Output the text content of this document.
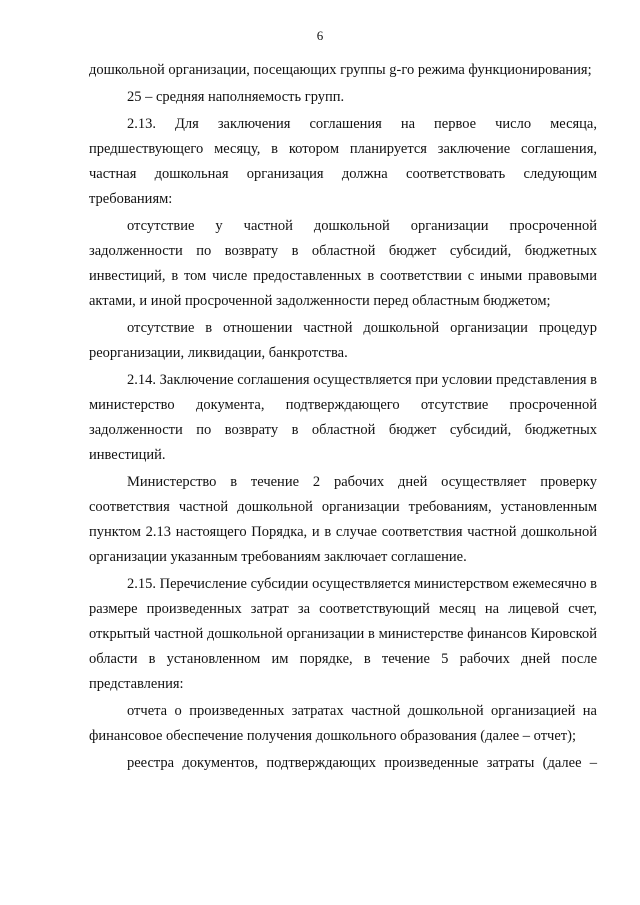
6

дошкольной организации, посещающих группы g-го режима функционирования;

25 – средняя наполняемость групп.

2.13. Для заключения соглашения на первое число месяца, предшествующего месяцу, в котором планируется заключение соглашения, частная дошкольная организация должна соответствовать следующим требованиям:

отсутствие у частной дошкольной организации просроченной задолженности по возврату в областной бюджет субсидий, бюджетных инвестиций, в том числе предоставленных в соответствии с иными правовыми актами, и иной просроченной задолженности перед областным бюджетом;

отсутствие в отношении частной дошкольной организации процедур реорганизации, ликвидации, банкротства.

2.14. Заключение соглашения осуществляется при условии представления в министерство документа, подтверждающего отсутствие просроченной задолженности по возврату в областной бюджет субсидий, бюджетных инвестиций.

Министерство в течение 2 рабочих дней осуществляет проверку соответствия частной дошкольной организации требованиям, установленным пунктом 2.13 настоящего Порядка, и в случае соответствия частной дошкольной организации указанным требованиям заключает соглашение.

2.15. Перечисление субсидии осуществляется министерством ежемесячно в размере произведенных затрат за соответствующий месяц на лицевой счет, открытый частной дошкольной организации в министерстве финансов Кировской области в установленном им порядке, в течение 5 рабочих дней после представления:

отчета о произведенных затратах частной дошкольной организацией на финансовое обеспечение получения дошкольного образования (далее – отчет);

реестра документов, подтверждающих произведенные затраты (далее –
